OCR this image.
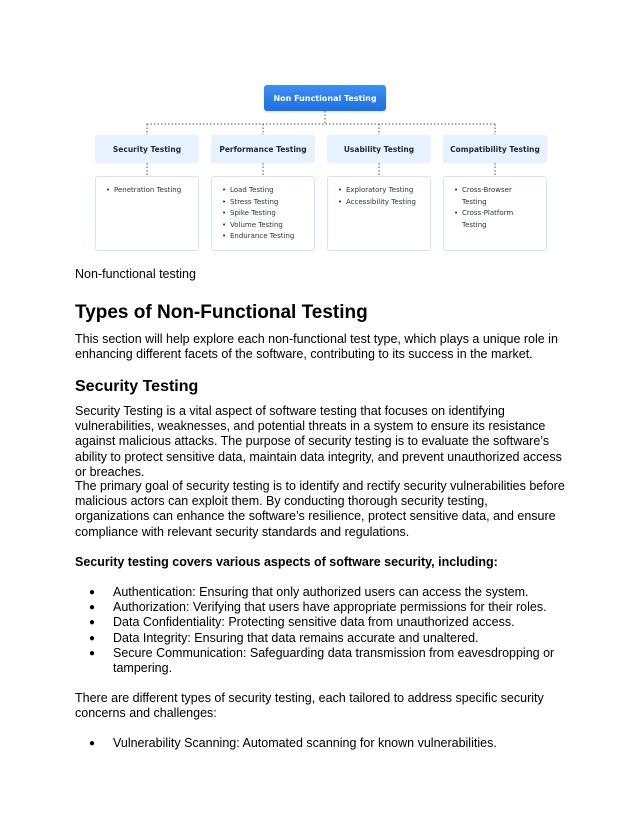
Non Functional Testing
Security Testing	Performance Testing	Usability Testing	Compatibility Testing
• Penetration Testing
•	Load Testing
• Stress Testing
• Spike Testing
• Volume Testing
• Endurance Testing
• Exploratory Testing
• Accessibility Testing
• Cross-Browser Testing
• Cross-Platform Testing
Non-functional testing
Types of Non-Functional Testing

This section will help explore each non-functional test type, which plays a unique role in enhancing different facets of the software, contributing to its success in the market.

Security Testing

Security Testing is a vital aspect of software testing that focuses on identifying vulnerabilities, weaknesses, and potential threats in a system to ensure its resistance against malicious attacks. The purpose of security testing is to evaluate the software’s ability to protect sensitive data, maintain data integrity, and prevent unauthorized access or breaches.

The primary goal of security testing is to identify and rectify security vulnerabilities before malicious actors can exploit them. By conducting thorough security testing, organizations can enhance the software’s resilience, protect sensitive data, and ensure compliance with relevant security standards and regulations.

Security testing covers various aspects of software security, including:

● Authentication: Ensuring that only authorized users can access the system.
● Authorization: Verifying that users have appropriate permissions for their roles.
● Data Confidentiality: Protecting sensitive data from unauthorized access.
● Data Integrity: Ensuring that data remains accurate and unaltered.
● Secure Communication: Safeguarding data transmission from eavesdropping or tampering.

There are different types of security testing, each tailored to address specific security concerns and challenges:

● Vulnerability Scanning: Automated scanning for known vulnerabilities.
